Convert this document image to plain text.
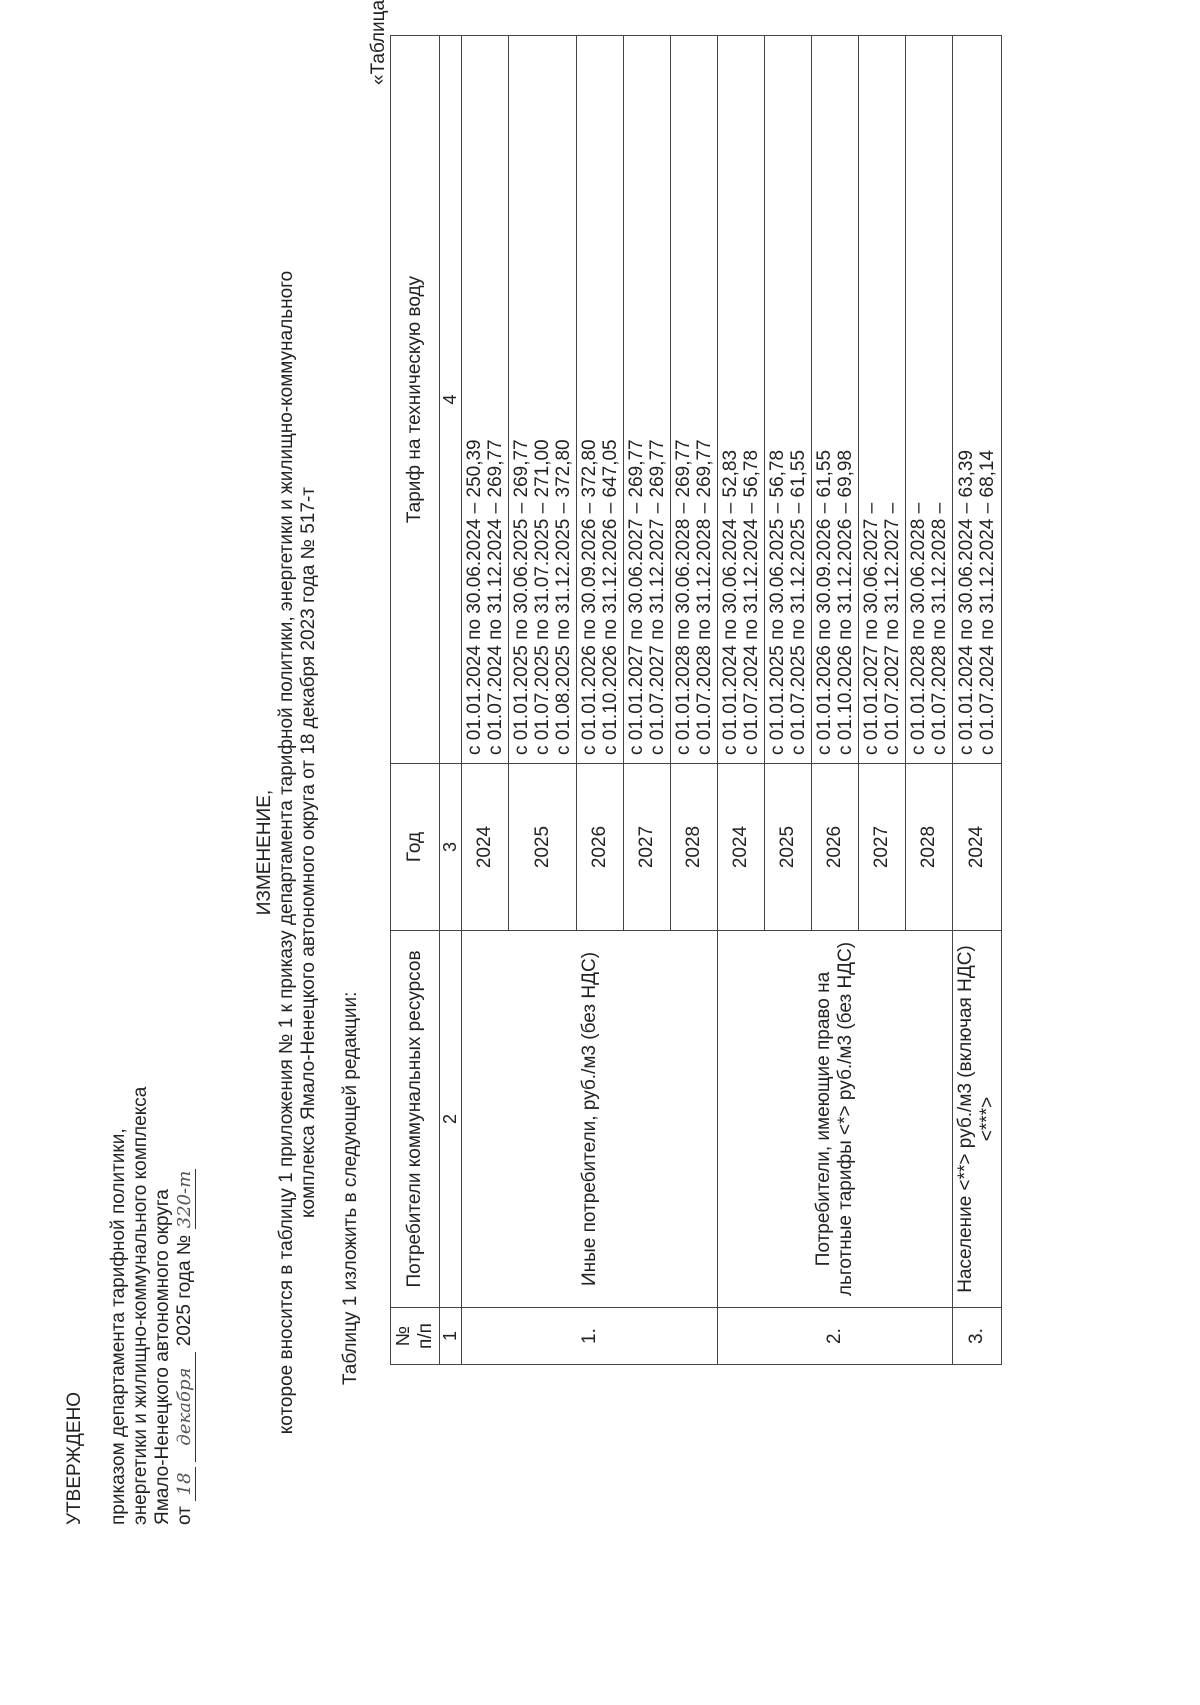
УТВЕРЖДЕНО приказом департамента тарифной политики, энергетики и жилищно-коммунального комплекса Ямало-Ненецкого автономного округа от 18 декабря 2025 года № 320-т
ИЗМЕНЕНИЕ, которое вносится в таблицу 1 приложения № 1 к приказу департамента тарифной политики, энергетики и жилищно-коммунального комплекса Ямало-Ненецкого автономного округа от 18 декабря 2023 года № 517-т Таблицу 1 изложить в следующей редакции:
«Таблица
№ п/п	Потребители коммунальных ресурсов	Год	Тариф на техническую воду
1	2	3	4
1.	Иные потребители, руб./м3 (без НДС)	2024	с 01.01.2024 по 30.06.2024 – 250,39 с 01.07.2024 по 31.12.2024 – 269,77

		2025	с 01.01.2025 по 30.06.2025 – 269,77 с 01.07.2025 по 31.07.2025 – 271,00 с 01.08.2025 по 31.12.2025 – 372,80

		2026	с 01.01.2026 по 30.09.2026 – 372,80 с 01.10.2026 по 31.12.2026 – 647,05

		2027	с 01.01.2027 по 30.06.2027 – 269,77 с 01.07.2027 по 31.12.2027 – 269,77

		2028	с 01.01.2028 по 30.06.2028 – 269,77 с 01.07.2028 по 31.12.2028 – 269,77

2.	Потребители, имеющие право на льготные тарифы <*> руб./м3 (без НДС)	2024	с 01.01.2024 по 30.06.2024 – 52,83 с 01.07.2024 по 31.12.2024 – 56,78

		2025	с 01.01.2025 по 30.06.2025 – 56,78 с 01.07.2025 по 31.12.2025 – 61,55

		2026	с 01.01.2026 по 30.09.2026 – 61,55 с 01.10.2026 по 31.12.2026 – 69,98

		2027	с 01.01.2027 по 30.06.2027 – с 01.07.2027 по 31.12.2027 –

		2028	с 01.01.2028 по 30.06.2028 – с 01.07.2028 по 31.12.2028 –

3.	Население <**> руб./м3 (включая НДС) <***>	2024	с 01.01.2024 по 30.06.2024 – 63,39 с 01.07.2024 по 31.12.2024 – 68,14
